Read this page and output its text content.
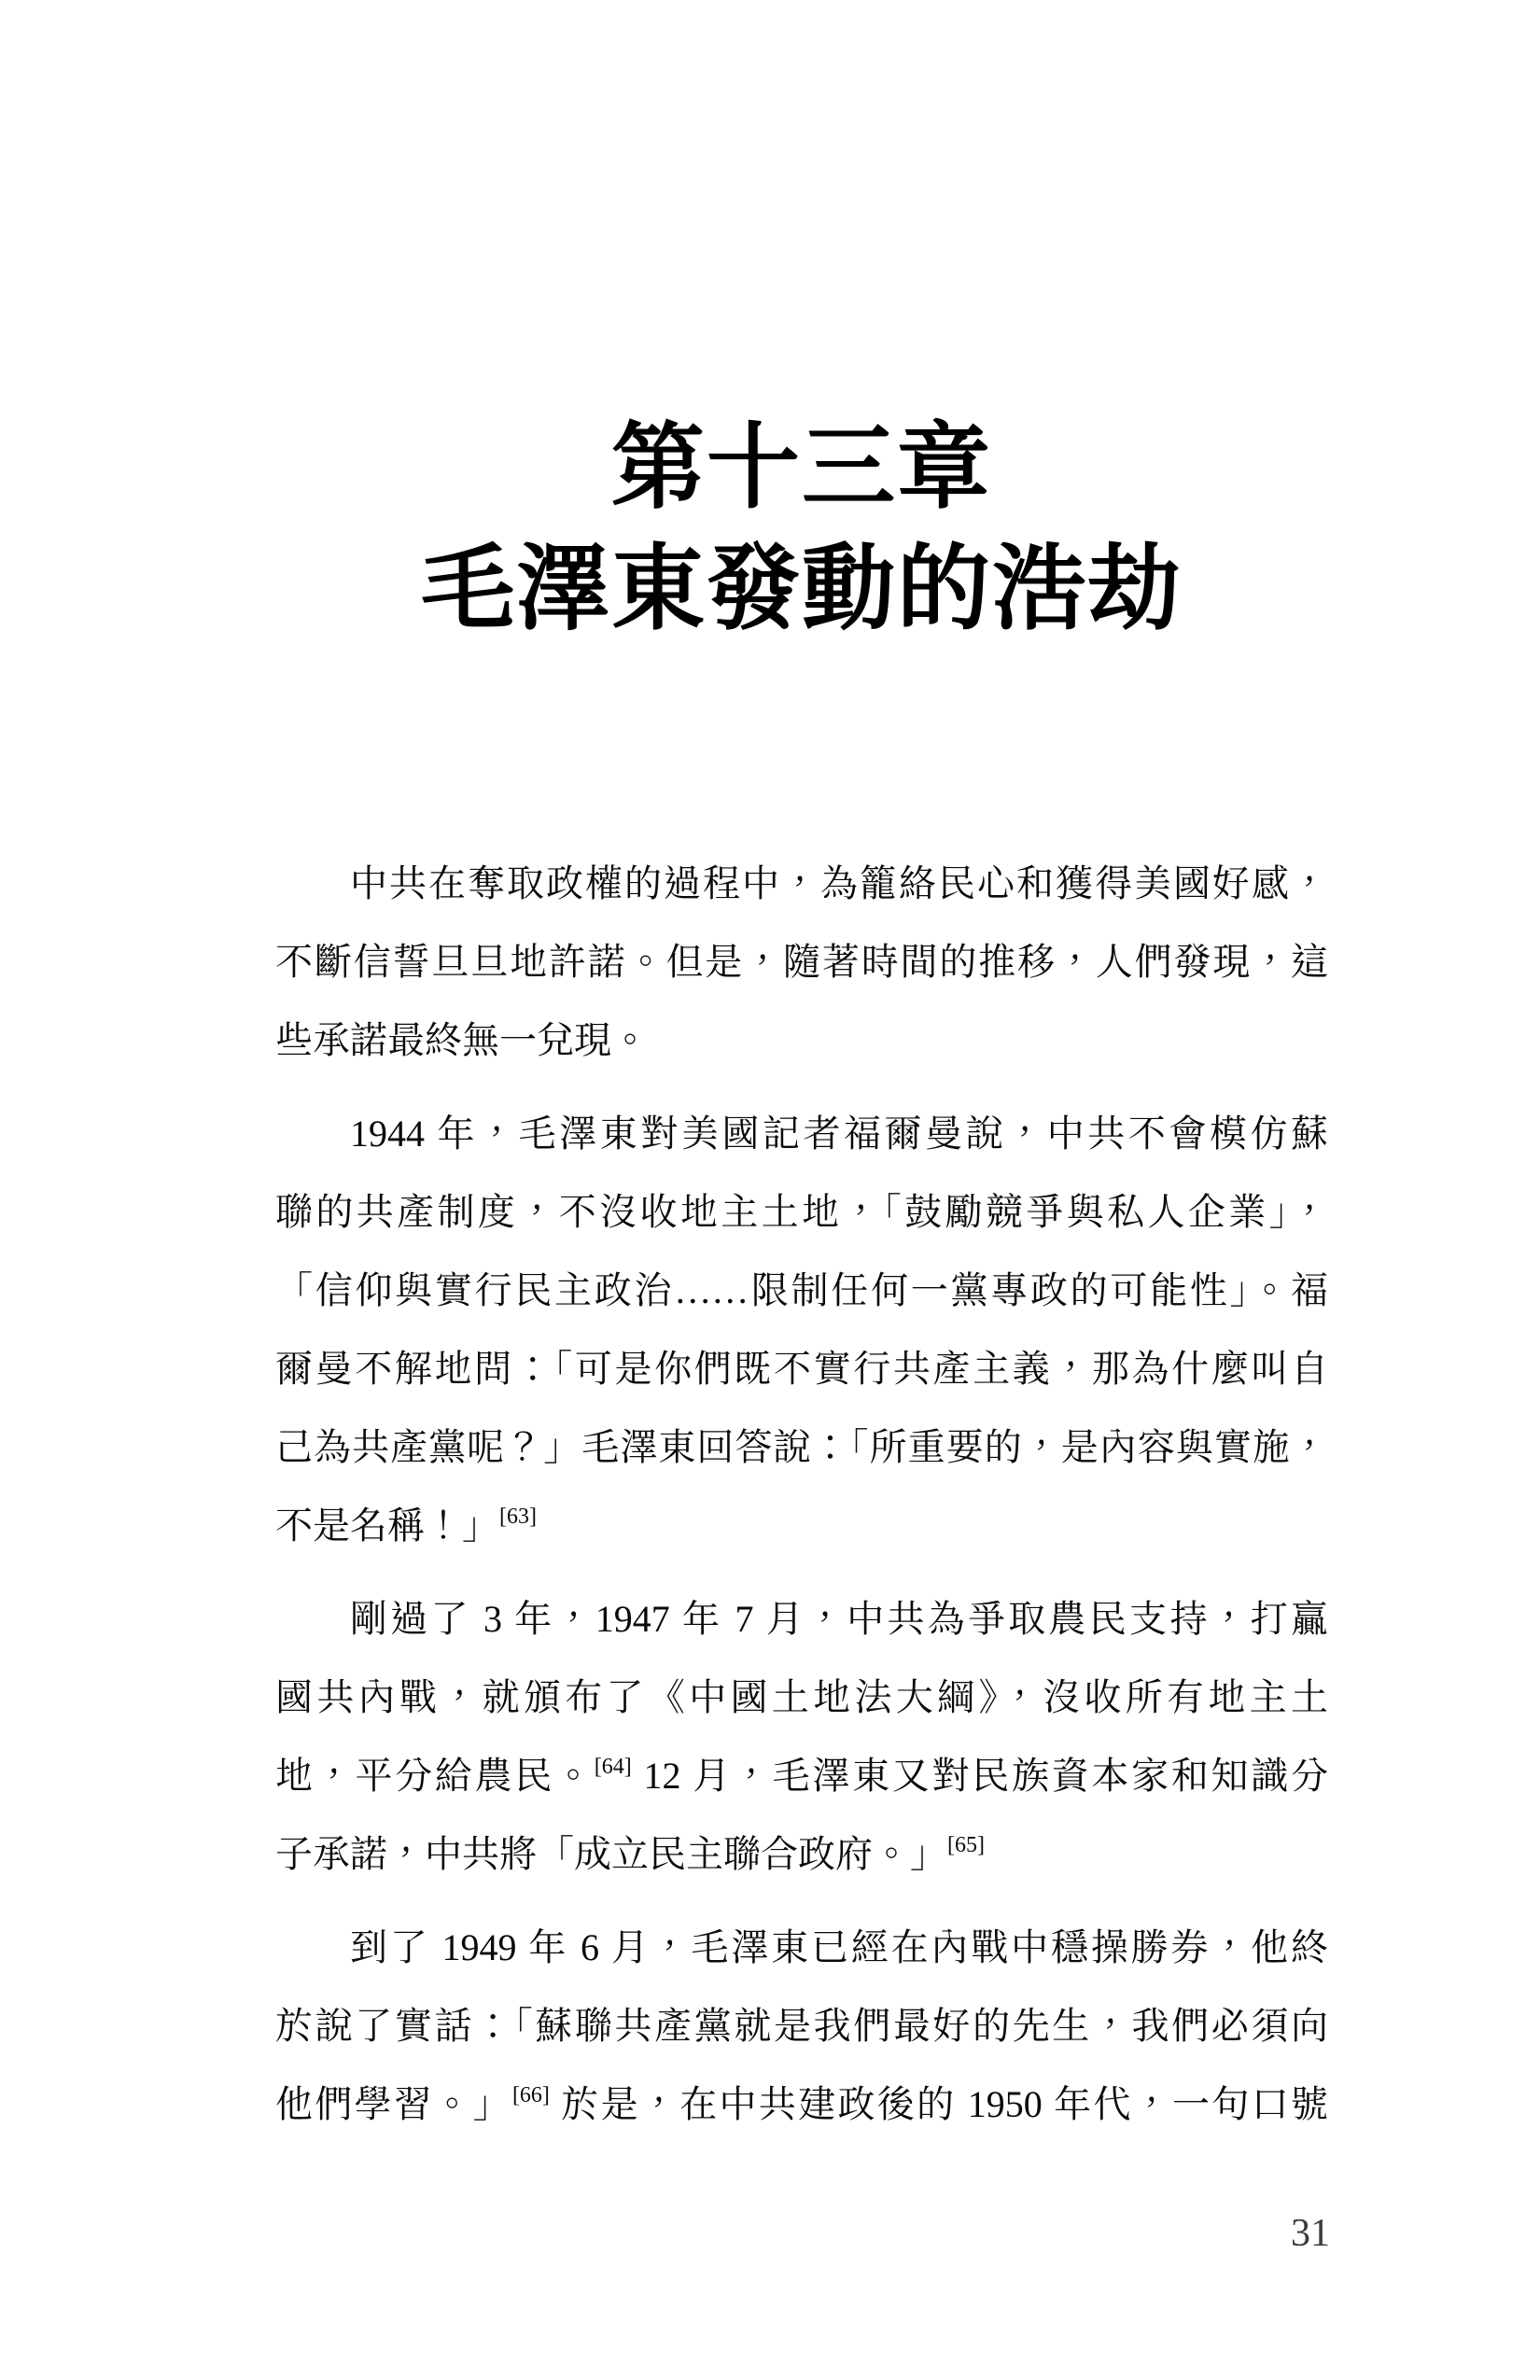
第十三章
毛澤東發動的浩劫
中共在奪取政權的過程中，為籠絡民心和獲得美國好感，
不斷信誓旦旦地許諾。但是，隨著時間的推移，人們發現，這
些承諾最終無一兌現。
1944 年，毛澤東對美國記者福爾曼說，中共不會模仿蘇
聯的共產制度，不沒收地主土地，「鼓勵競爭與私人企業」，
「信仰與實行民主政治……限制任何一黨專政的可能性」。福
爾曼不解地問：「可是你們既不實行共產主義，那為什麼叫自
己為共產黨呢？」毛澤東回答說：「所重要的，是內容與實施，
不是名稱！」[63]
剛過了 3 年，1947 年 7 月，中共為爭取農民支持，打贏
國共內戰，就頒布了《中國土地法大綱》，沒收所有地主土
地，平分給農民。[64] 12 月，毛澤東又對民族資本家和知識分
子承諾，中共將「成立民主聯合政府。」[65]
到了 1949 年 6 月，毛澤東已經在內戰中穩操勝券，他終
於說了實話：「蘇聯共產黨就是我們最好的先生，我們必須向
他們學習。」[66] 於是，在中共建政後的 1950 年代，一句口號
31
